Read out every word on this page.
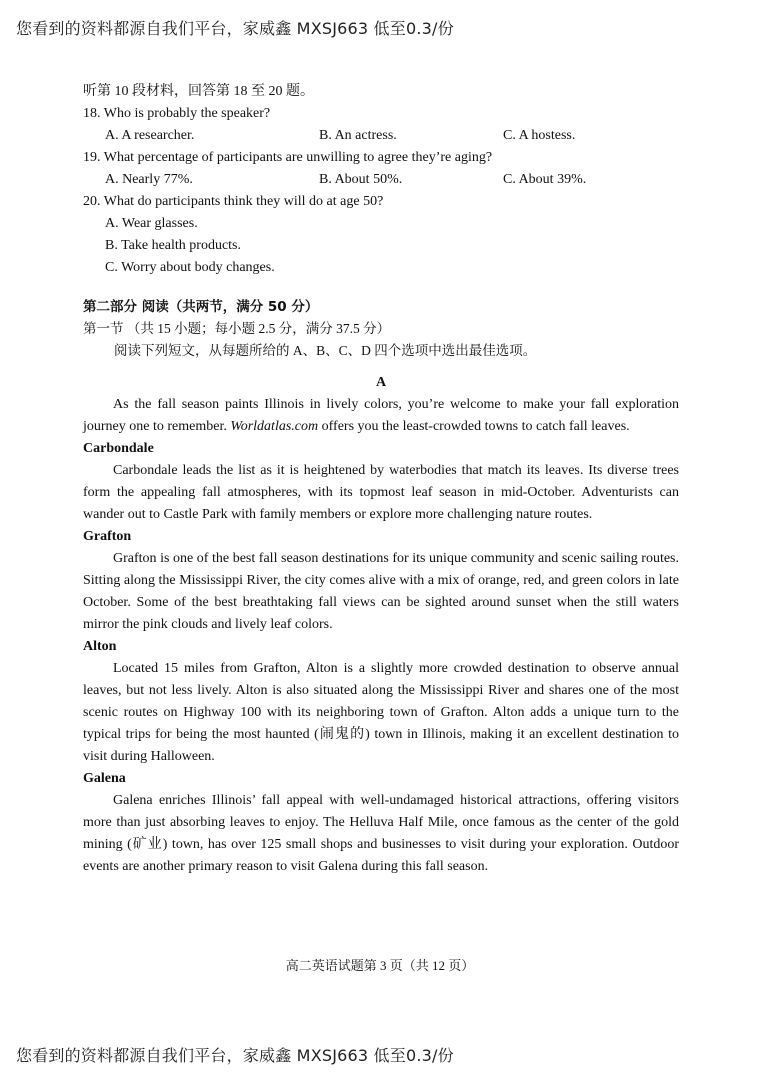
您看到的资料都源自我们平台，家威鑫 MXSJ663 低至0.3/份

听第 10 段材料，回答第 18 至 20 题。

18. Who is probably the speaker?

A. A researcher.	B. An actress.	C. A hostess.

19. What percentage of participants are unwilling to agree they’re aging?

A. Nearly 77%.	B. About 50%.	C. About 39%.

20. What do participants think they will do at age 50?

A. Wear glasses.

B. Take health products.

C. Worry about body changes.

第二部分 阅读（共两节，满分 50 分）

第一节 （共 15 小题；每小题 2.5 分，满分 37.5 分）

阅读下列短文，从每题所给的 A、B、C、D 四个选项中选出最佳选项。

A

As the fall season paints Illinois in lively colors, you’re welcome to make your fall exploration journey one to remember. Worldatlas.com offers you the least-crowded towns to catch fall leaves.

Carbondale

Carbondale leads the list as it is heightened by waterbodies that match its leaves. Its diverse trees form the appealing fall atmospheres, with its topmost leaf season in mid-October. Adventurists can wander out to Castle Park with family members or explore more challenging nature routes.

Grafton

Grafton is one of the best fall season destinations for its unique community and scenic sailing routes. Sitting along the Mississippi River, the city comes alive with a mix of orange, red, and green colors in late October. Some of the best breathtaking fall views can be sighted around sunset when the still waters mirror the pink clouds and lively leaf colors.

Alton

Located 15 miles from Grafton, Alton is a slightly more crowded destination to observe annual leaves, but not less lively. Alton is also situated along the Mississippi River and shares one of the most scenic routes on Highway 100 with its neighboring town of Grafton. Alton adds a unique turn to the typical trips for being the most haunted (闹鬼的) town in Illinois, making it an excellent destination to visit during Halloween.

Galena

Galena enriches Illinois’ fall appeal with well-undamaged historical attractions, offering visitors more than just absorbing leaves to enjoy. The Helluva Half Mile, once famous as the center of the gold mining (矿业) town, has over 125 small shops and businesses to visit during your exploration. Outdoor events are another primary reason to visit Galena during this fall season.

高二英语试题第 3 页（共 12 页）
您看到的资料都源自我们平台，家威鑫 MXSJ663 低至0.3/份
